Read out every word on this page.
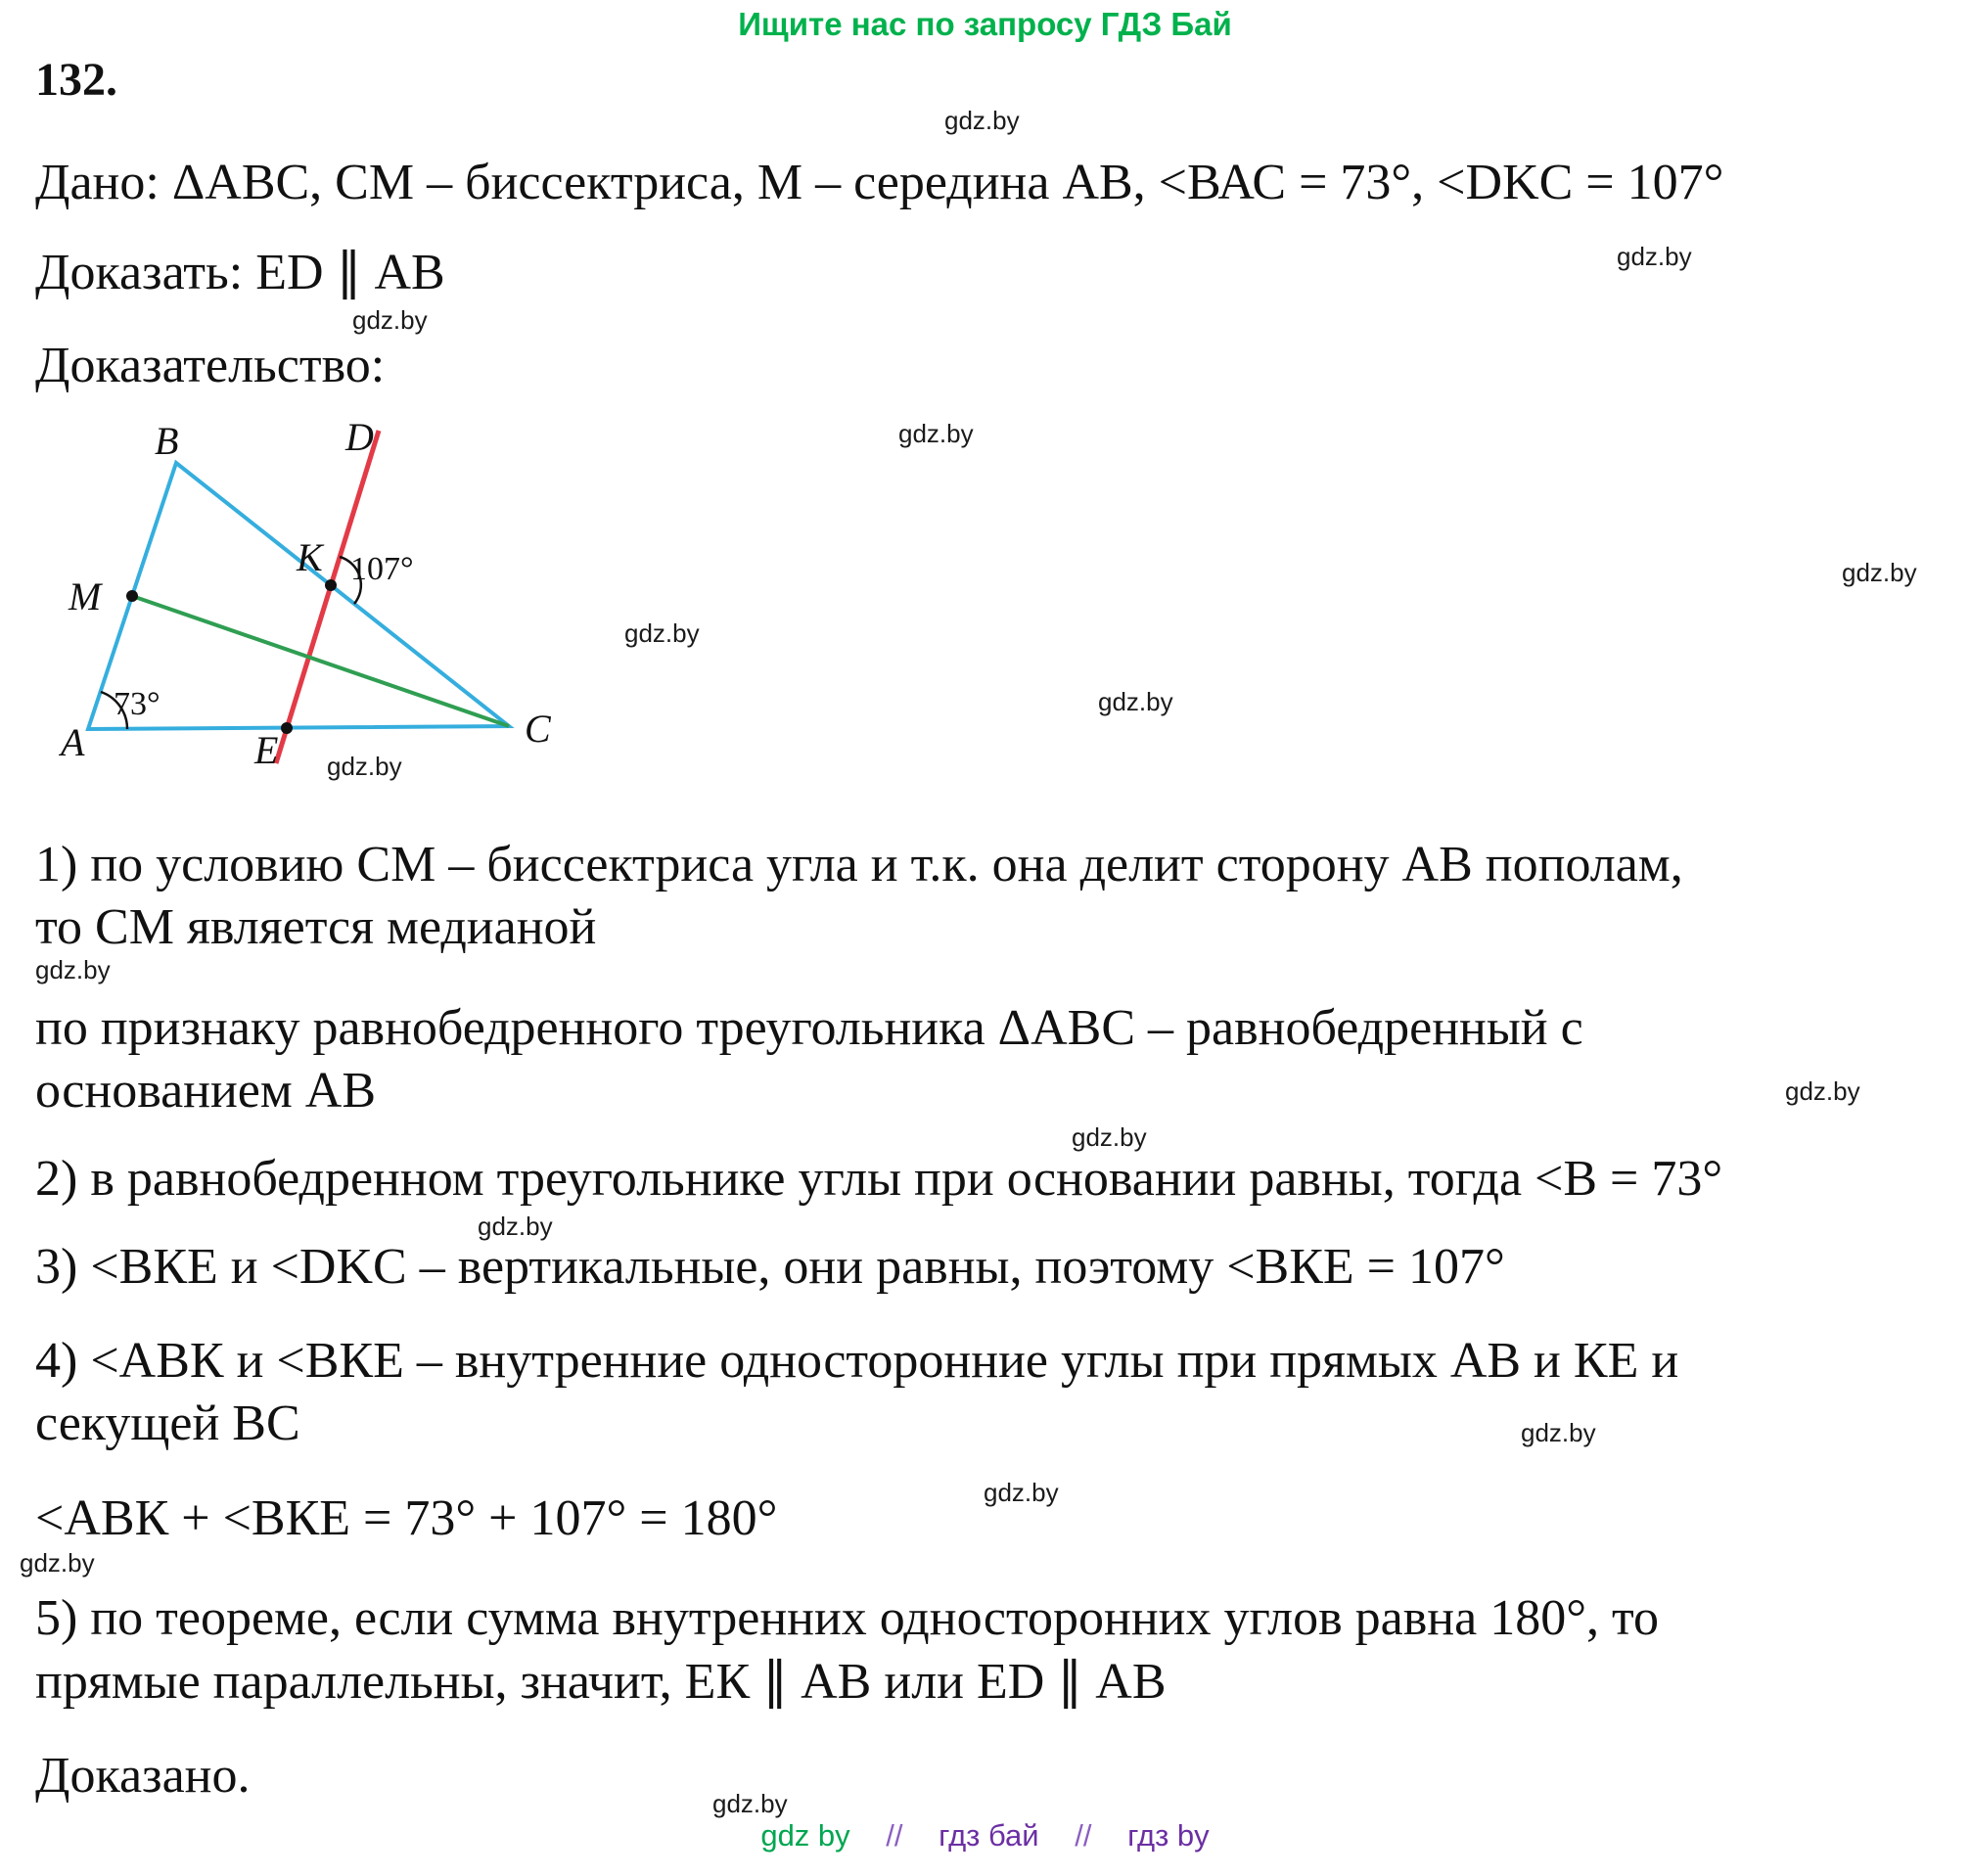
Ищите нас по запросу ГДЗ Бай
132.
Дано: ΔАВС, СМ – биссектриса, М – середина АВ, <ВАС = 73°, <DKC = 107°
Доказать: ED ∥ АВ
Доказательство:
B	D
K
M
A	E	C
73°
107°
1) по условию СМ – биссектриса угла и т.к. она делит сторону АВ пополам,
то СМ является медианой
по признаку равнобедренного треугольника ΔАВС – равнобедренный с
основанием АВ
2) в равнобедренном треугольнике углы при основании равны, тогда <В = 73°
3) <ВКЕ и <DKC – вертикальные, они равны, поэтому <ВКЕ = 107°
4) <АВК и <ВКЕ – внутренние односторонние углы при прямых АВ и КЕ и
секущей ВС
<АВК + <ВКЕ = 73° + 107° = 180°
5) по теореме, если сумма внутренних односторонних углов равна 180°, то
прямые параллельны, значит, ЕК ∥ АВ или ED ∥ АВ
Доказано.
gdz.by
gdz.by
gdz.by
gdz.by
gdz.by
gdz.by
gdz.by
gdz.by
gdz.by
gdz.by
gdz.by
gdz.by
gdz.by
gdz.by
gdz.by
gdz.by
gdz by // гдз бай // гдз by
